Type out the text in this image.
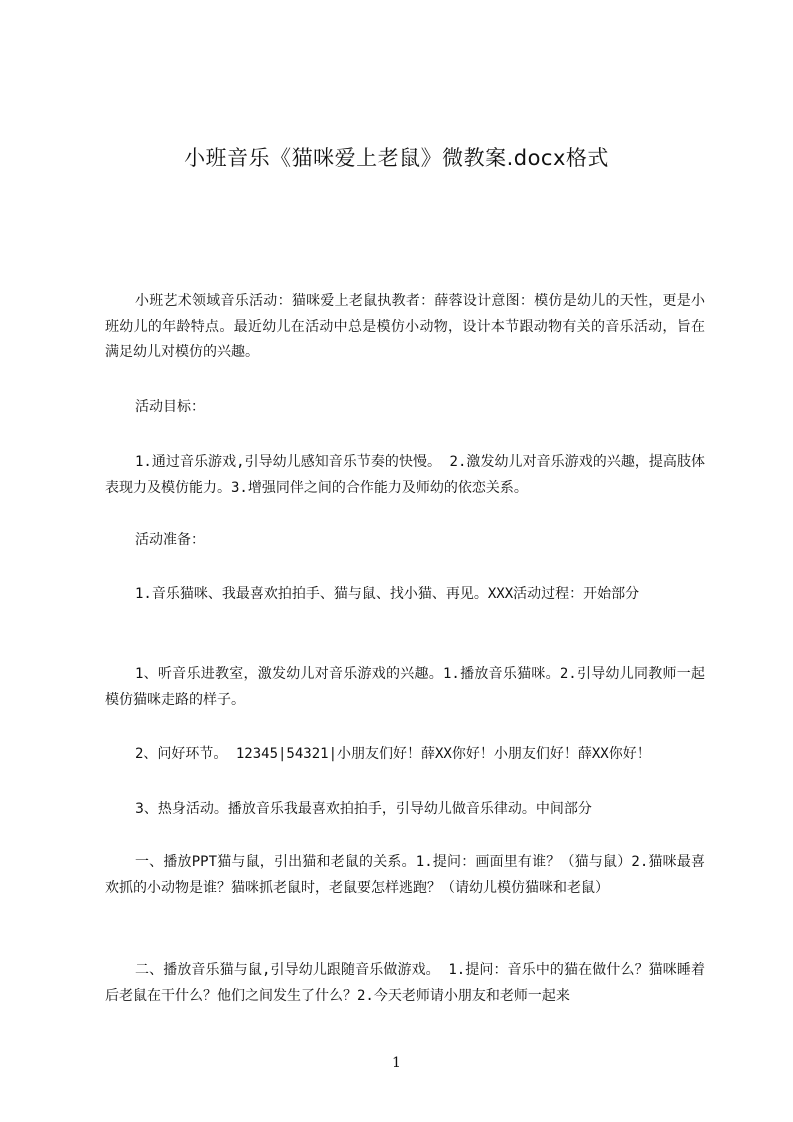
小班音乐《猫咪爱上老鼠》微教案.docx格式

小班艺术领域音乐活动：猫咪爱上老鼠执教者：薛蓉设计意图：模仿是幼儿的天性，更是小班幼儿的年龄特点。最近幼儿在活动中总是模仿小动物，设计本节跟动物有关的音乐活动，旨在满足幼儿对模仿的兴趣。

活动目标：

1.通过音乐游戏,引导幼儿感知音乐节奏的快慢。 2.激发幼儿对音乐游戏的兴趣，提高肢体表现力及模仿能力。3.增强同伴之间的合作能力及师幼的依恋关系。

活动准备：

1.音乐猫咪、我最喜欢拍拍手、猫与鼠、找小猫、再见。XXX活动过程：开始部分

1、听音乐进教室，激发幼儿对音乐游戏的兴趣。1.播放音乐猫咪。2.引导幼儿同教师一起模仿猫咪走路的样子。

2、问好环节。 12345|54321|小朋友们好！薛XX你好！小朋友们好！薛XX你好！

3、热身活动。播放音乐我最喜欢拍拍手，引导幼儿做音乐律动。中间部分

一、播放PPT猫与鼠，引出猫和老鼠的关系。1.提问：画面里有谁？（猫与鼠）2.猫咪最喜欢抓的小动物是谁？猫咪抓老鼠时，老鼠要怎样逃跑？（请幼儿模仿猫咪和老鼠）

二、播放音乐猫与鼠,引导幼儿跟随音乐做游戏。 1.提问：音乐中的猫在做什么？猫咪睡着后老鼠在干什么？他们之间发生了什么？2.今天老师请小朋友和老师一起来

1
